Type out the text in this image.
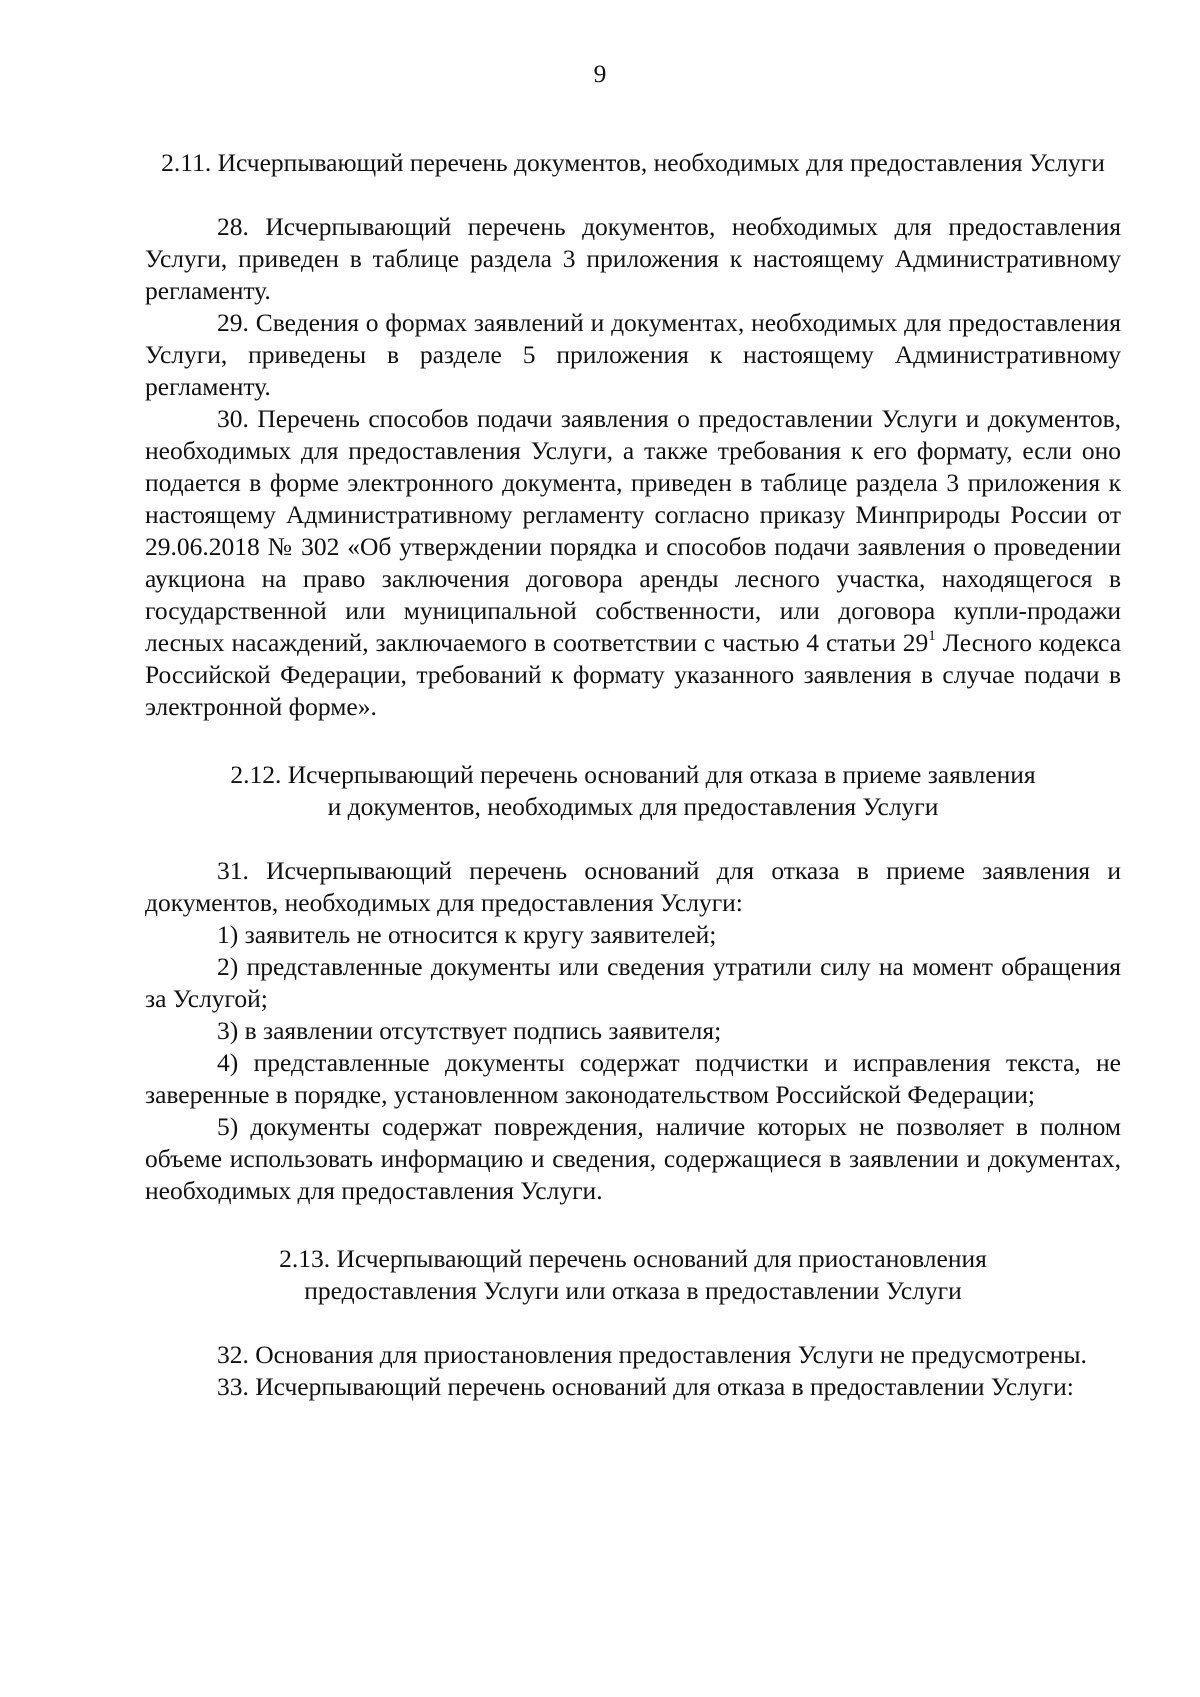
9

2.11. Исчерпывающий перечень документов, необходимых для предоставления Услуги

28. Исчерпывающий перечень документов, необходимых для предоставления Услуги, приведен в таблице раздела 3 приложения к настоящему Административному регламенту.

29. Сведения о формах заявлений и документах, необходимых для предоставления Услуги, приведены в разделе 5 приложения к настоящему Административному регламенту.

30. Перечень способов подачи заявления о предоставлении Услуги и документов, необходимых для предоставления Услуги, а также требования к его формату, если оно подается в форме электронного документа, приведен в таблице раздела 3 приложения к настоящему Административному регламенту согласно приказу Минприроды России от 29.06.2018 № 302 «Об утверждении порядка и способов подачи заявления о проведении аукциона на право заключения договора аренды лесного участка, находящегося в государственной или муниципальной собственности, или договора купли-продажи лесных насаждений, заключаемого в соответствии с частью 4 статьи $29^1$ Лесного кодекса Российской Федерации, требований к формату указанного заявления в случае подачи в электронной форме».

2.12. Исчерпывающий перечень оснований для отказа в приеме заявления

и документов, необходимых для предоставления Услуги

31. Исчерпывающий перечень оснований для отказа в приеме заявления и документов, необходимых для предоставления Услуги:

1) заявитель не относится к кругу заявителей;

2) представленные документы или сведения утратили силу на момент обращения за Услугой;

3) в заявлении отсутствует подпись заявителя;

4) представленные документы содержат подчистки и исправления текста, не заверенные в порядке, установленном законодательством Российской Федерации;

5) документы содержат повреждения, наличие которых не позволяет в полном объеме использовать информацию и сведения, содержащиеся в заявлении и документах, необходимых для предоставления Услуги.

2.13. Исчерпывающий перечень оснований для приостановления

предоставления Услуги или отказа в предоставлении Услуги

32. Основания для приостановления предоставления Услуги не предусмотрены.

33. Исчерпывающий перечень оснований для отказа в предоставлении Услуги:
